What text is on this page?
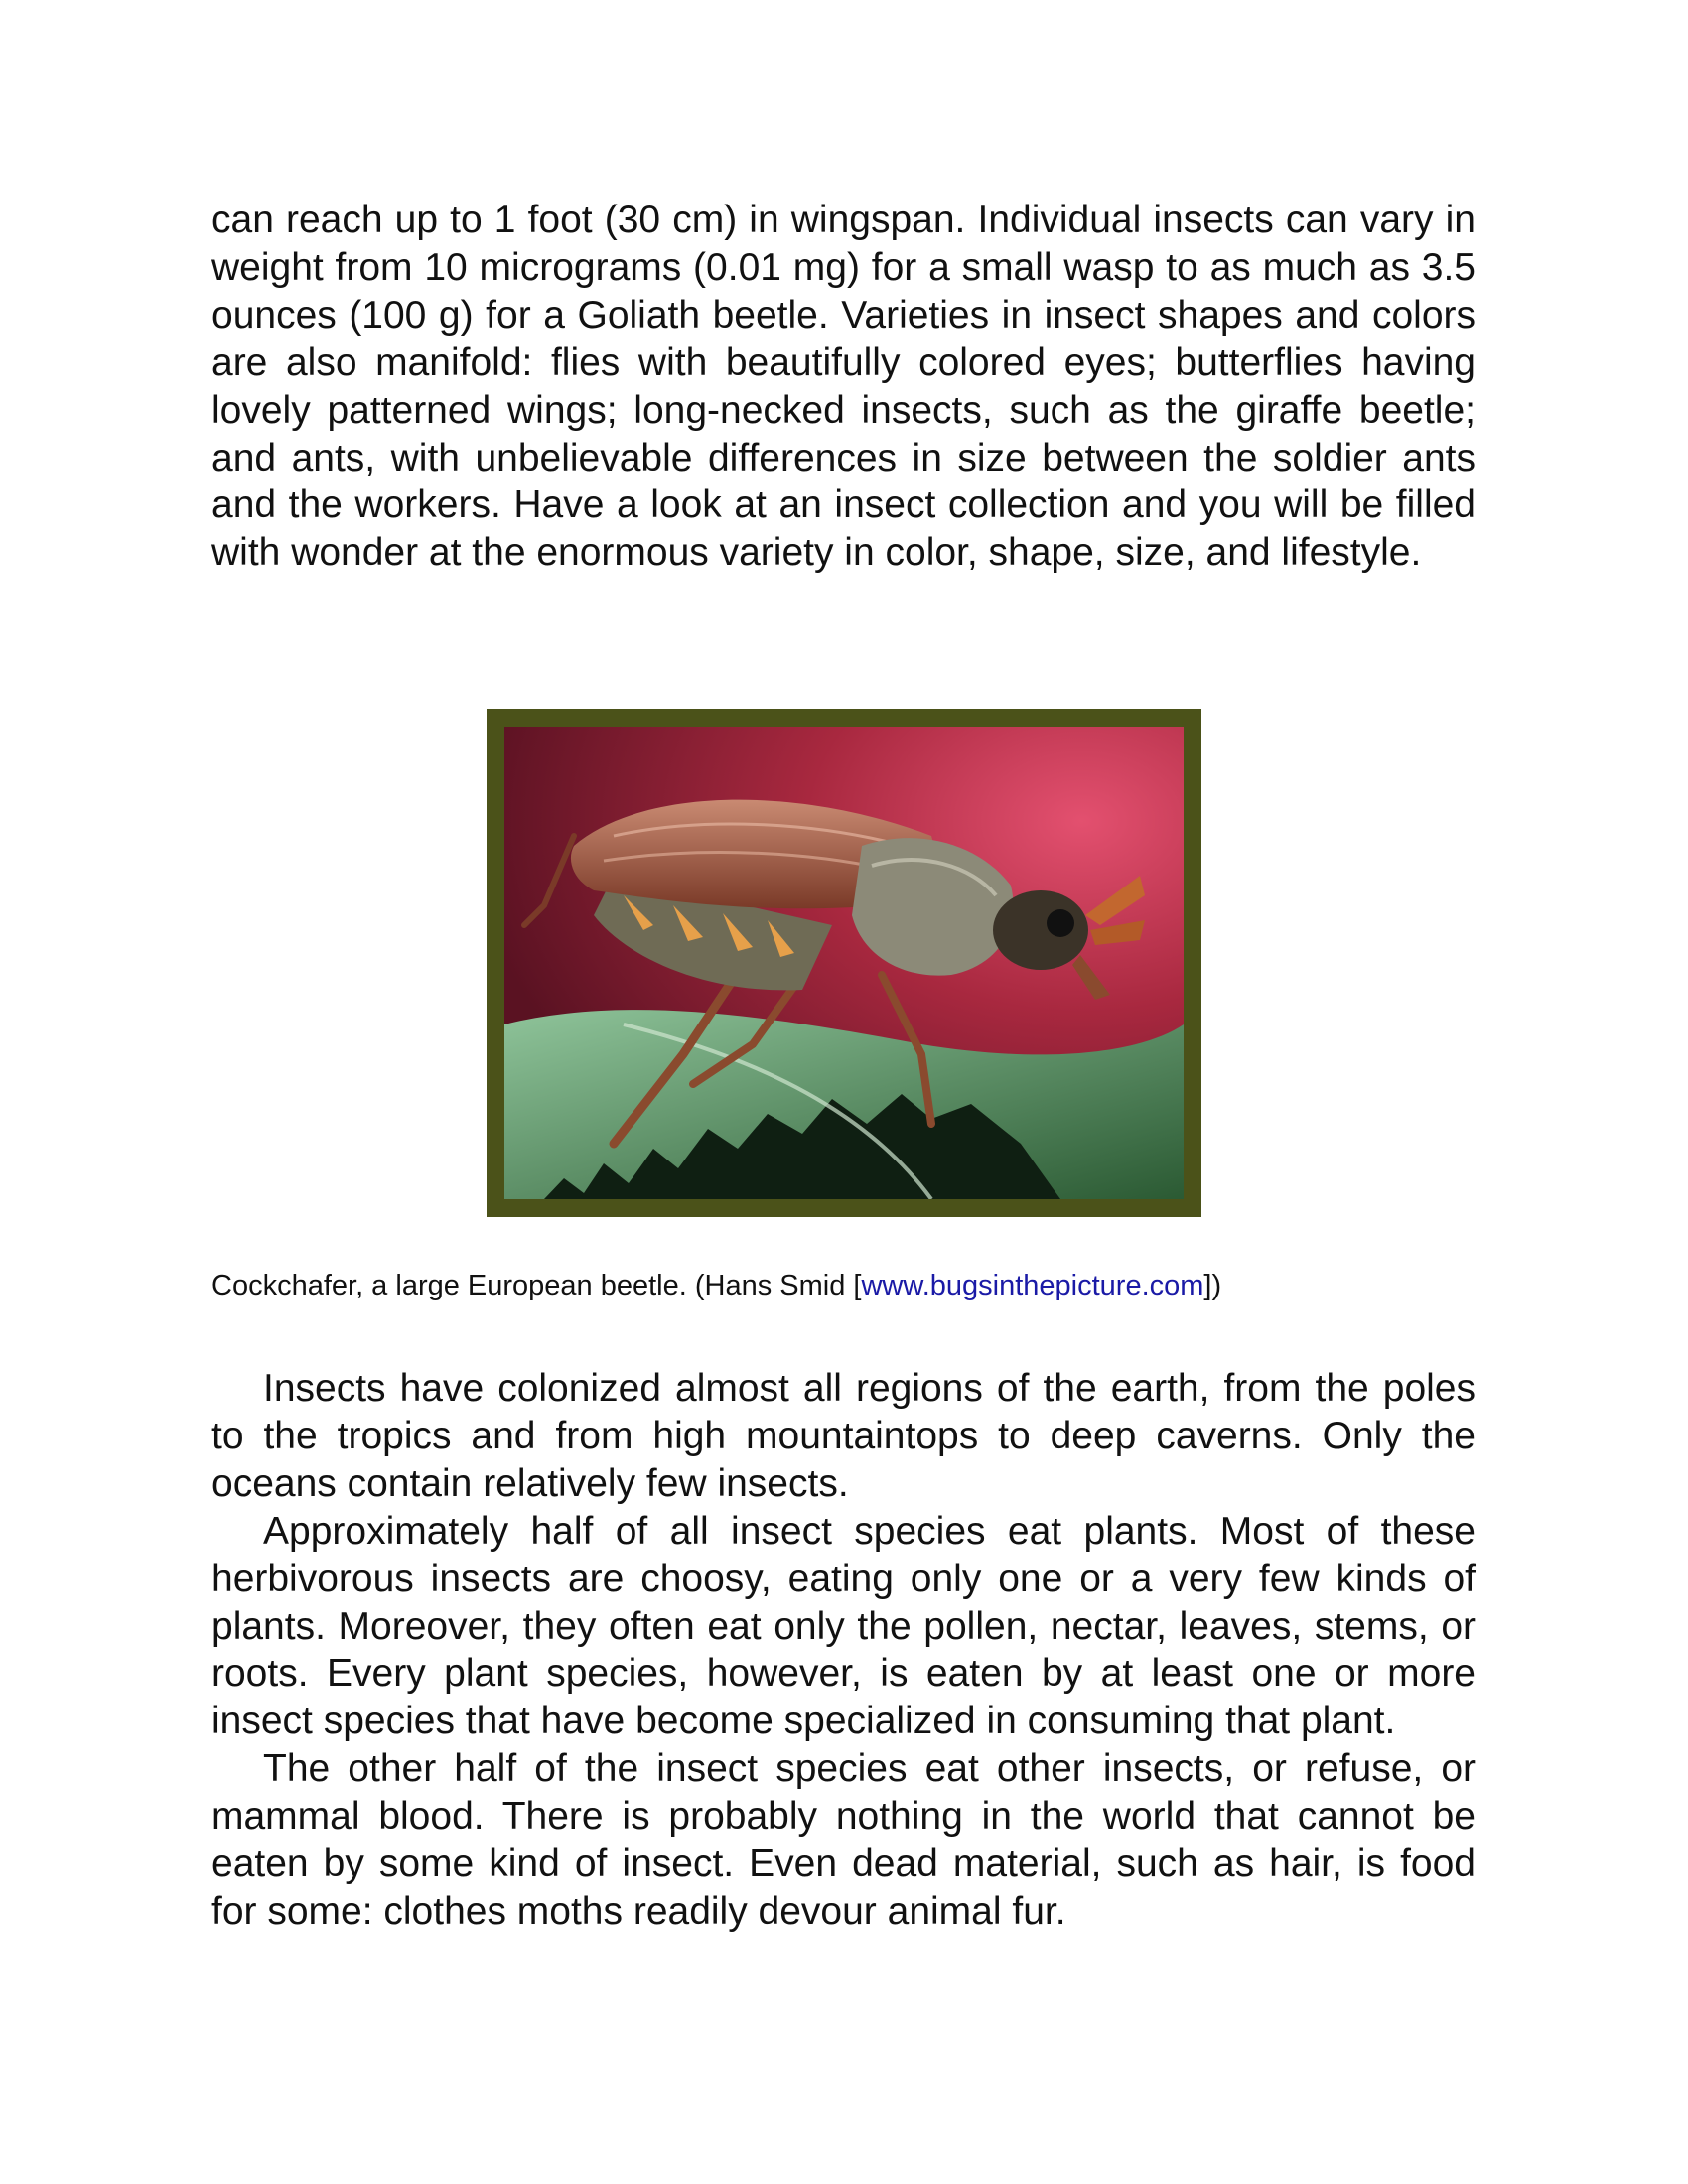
can reach up to 1 foot (30 cm) in wingspan. Individual insects can vary in weight from 10 micrograms (0.01 mg) for a small wasp to as much as 3.5 ounces (100 g) for a Goliath beetle. Varieties in insect shapes and colors are also manifold: flies with beautifully colored eyes; butterflies having lovely patterned wings; long-necked insects, such as the giraffe beetle; and ants, with unbelievable differences in size between the soldier ants and the workers. Have a look at an insect collection and you will be filled with wonder at the enormous variety in color, shape, size, and lifestyle.

Cockchafer, a large European beetle. (Hans Smid [www.bugsinthepicture.com])

Insects have colonized almost all regions of the earth, from the poles to the tropics and from high mountaintops to deep caverns. Only the oceans contain relatively few insects.

Approximately half of all insect species eat plants. Most of these herbivorous insects are choosy, eating only one or a very few kinds of plants. Moreover, they often eat only the pollen, nectar, leaves, stems, or roots. Every plant species, however, is eaten by at least one or more insect species that have become specialized in consuming that plant.

The other half of the insect species eat other insects, or refuse, or mammal blood. There is probably nothing in the world that cannot be eaten by some kind of insect. Even dead material, such as hair, is food for some: clothes moths readily devour animal fur.
